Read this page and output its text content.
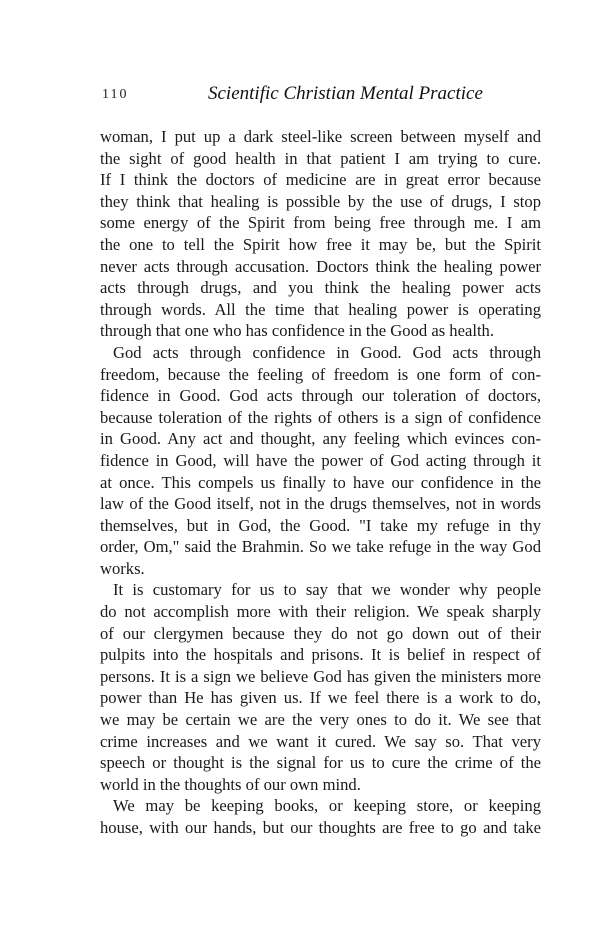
110	Scientific Christian Mental Practice
woman, I put up a dark steel-like screen between myself and
the sight of good health in that patient I am trying to cure.
If I think the doctors of medicine are in great error because
they think that healing is possible by the use of drugs, I stop
some energy of the Spirit from being free through me. I am
the one to tell the Spirit how free it may be, but the Spirit
never acts through accusation. Doctors think the healing power
acts through drugs, and you think the healing power acts
through words. All the time that healing power is operating
through that one who has confidence in the Good as health.
God acts through confidence in Good. God acts through
freedom, because the feeling of freedom is one form of con-
fidence in Good. God acts through our toleration of doctors,
because toleration of the rights of others is a sign of confidence
in Good. Any act and thought, any feeling which evinces con-
fidence in Good, will have the power of God acting through it
at once. This compels us finally to have our confidence in the
law of the Good itself, not in the drugs themselves, not in words
themselves, but in God, the Good. "I take my refuge in thy
order, Om," said the Brahmin. So we take refuge in the way God
works.
It is customary for us to say that we wonder why people
do not accomplish more with their religion. We speak sharply
of our clergymen because they do not go down out of their
pulpits into the hospitals and prisons. It is belief in respect of
persons. It is a sign we believe God has given the ministers more
power than He has given us. If we feel there is a work to do,
we may be certain we are the very ones to do it. We see that
crime increases and we want it cured. We say so. That very
speech or thought is the signal for us to cure the crime of the
world in the thoughts of our own mind.
We may be keeping books, or keeping store, or keeping
house, with our hands, but our thoughts are free to go and take
